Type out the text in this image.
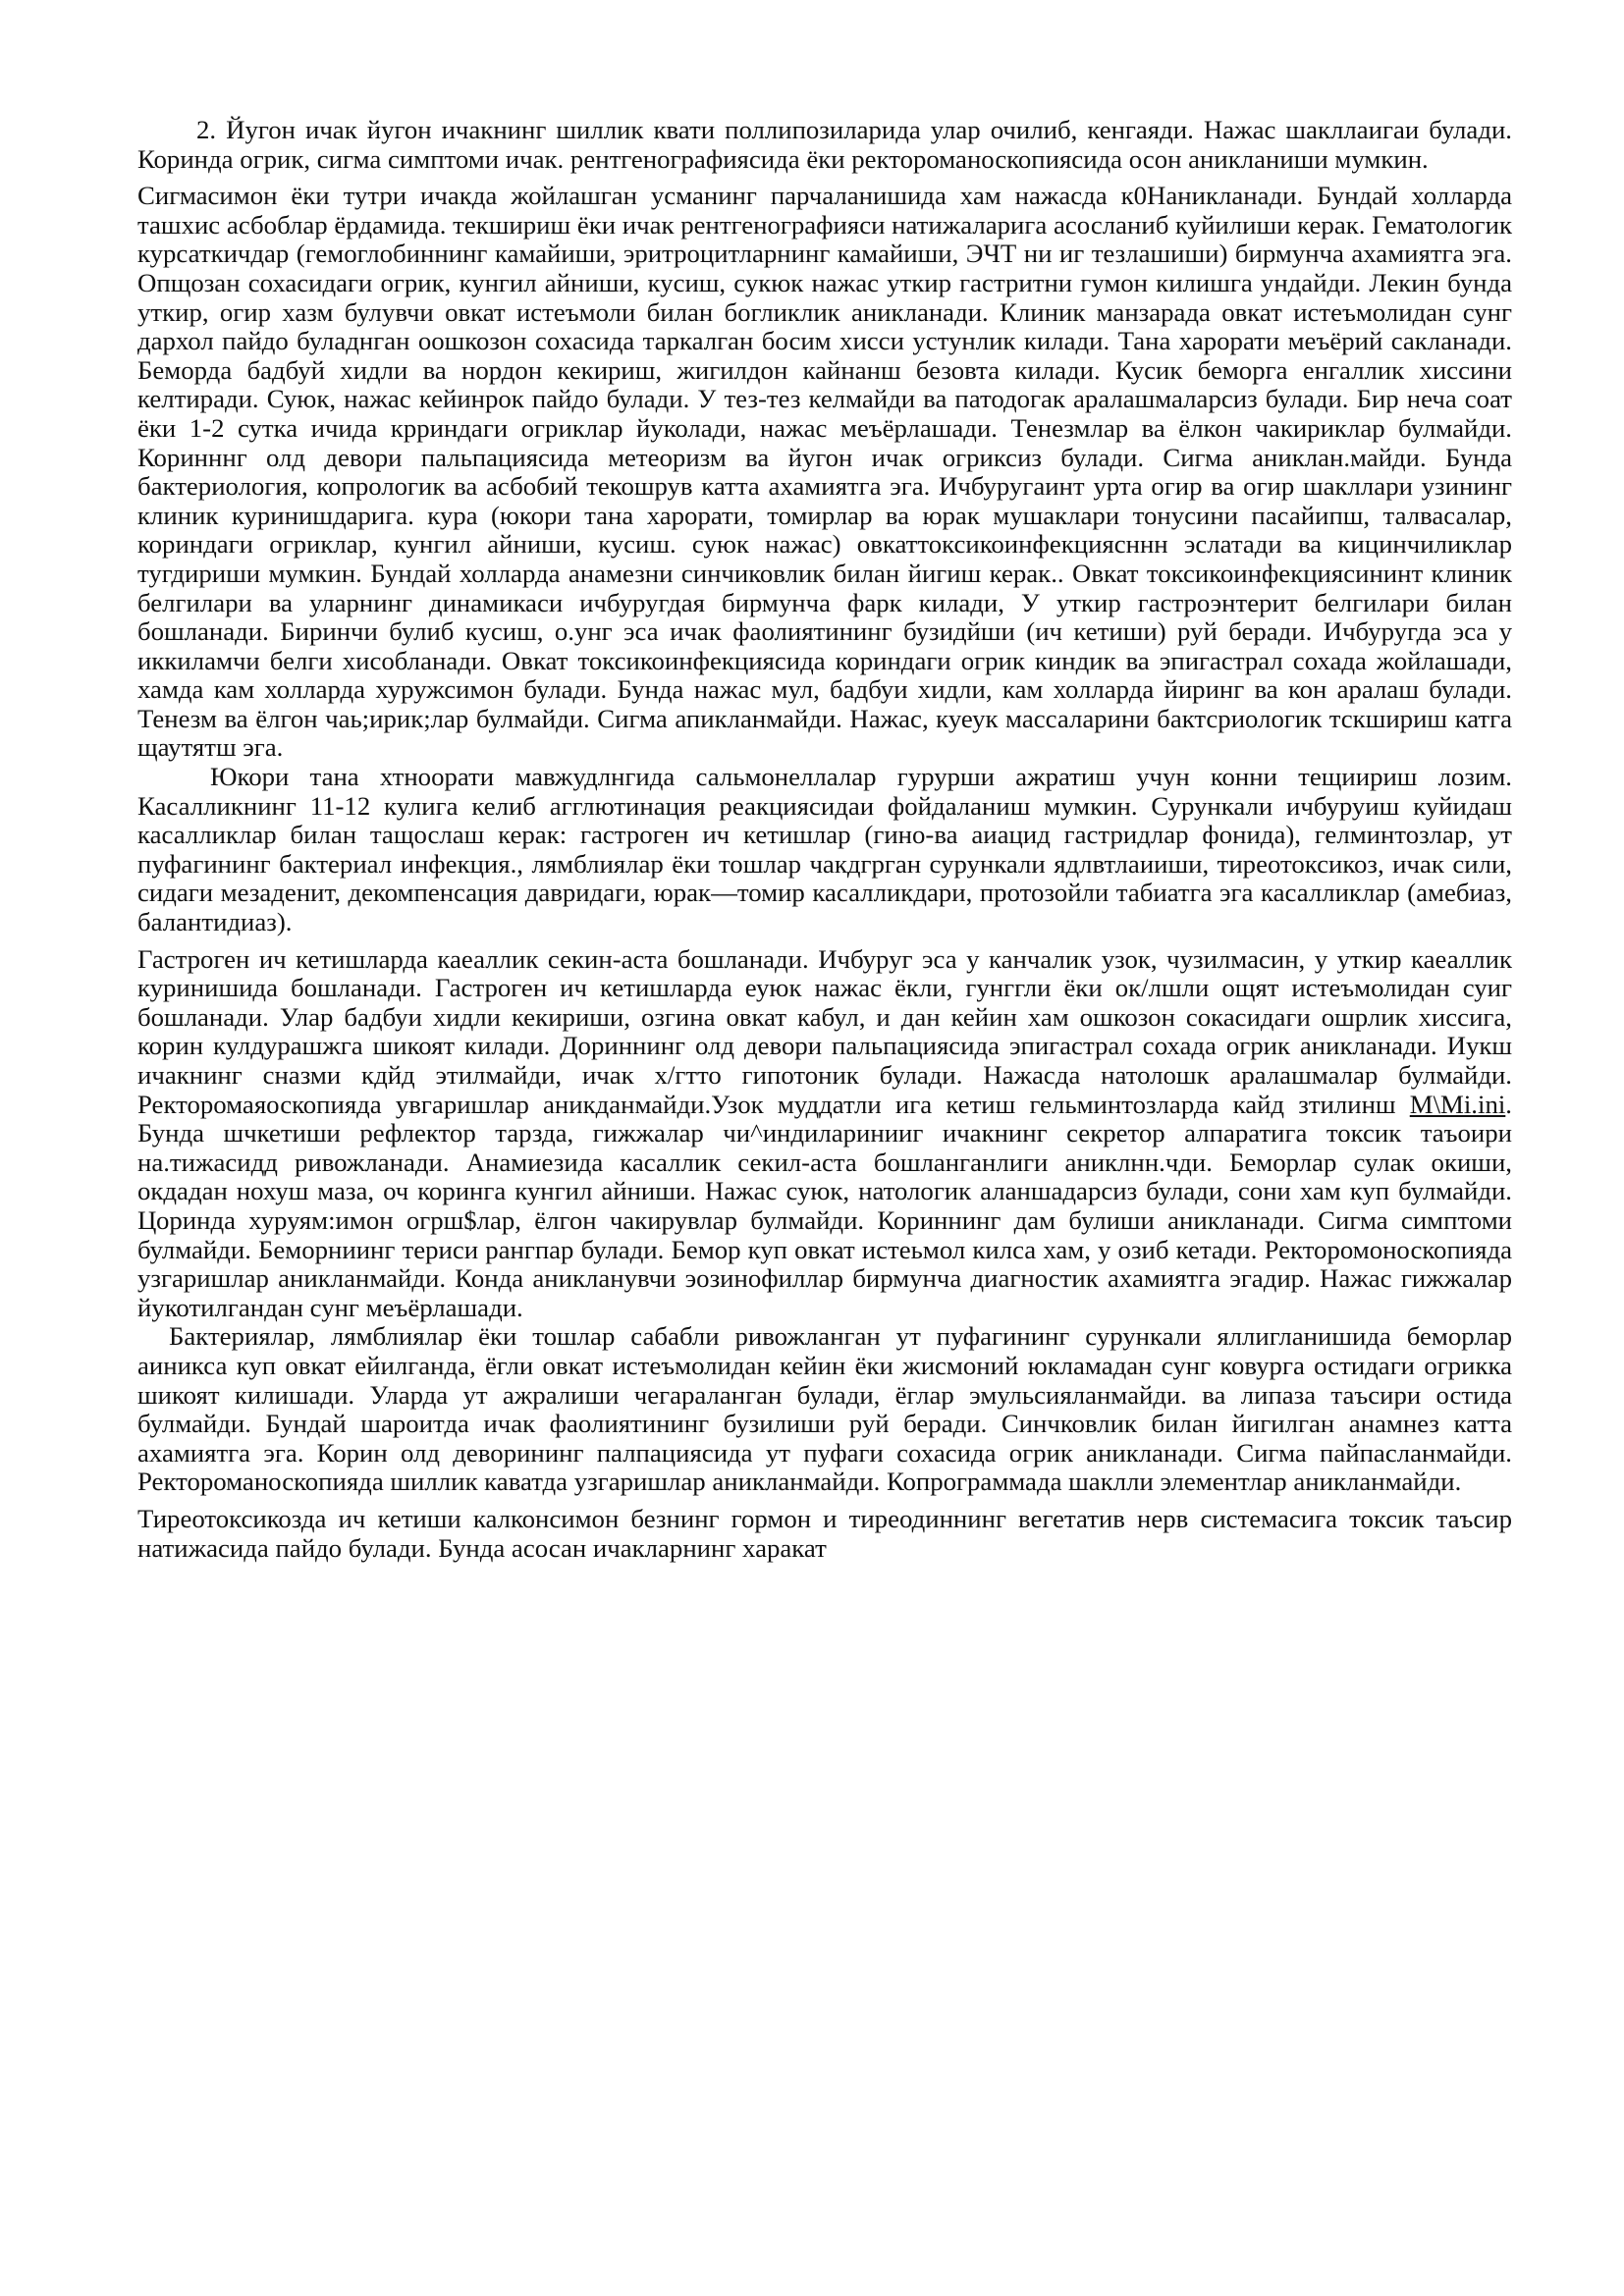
2. Йугон ичак йугон ичакнинг шиллик квати поллипозиларида улар очилиб, кенгаяди. Нажас шакллаигаи булади. Коринда огрик, сигма симптоми ичак. рентгенографиясида ёки ректороманоскопиясида осон аникланиши мумкин.

Сигмасимон ёки тутри ичакда жойлашган усманинг парчаланишида хам нажасда к0Наникланади. Бундай холларда ташхис асбоблар ёрдамида. текшириш ёки ичак рентгенографияси натижаларига асосланиб куйилиши керак. Гематологик курсаткичдар (гемоглобиннинг камайиши, эритроцитларнинг камайиши, ЭЧТ ни иг тезлашиши) бирмунча ахамиятга эга. Опщозан сохасидаги огрик, кунгил айниши, кусиш, сукюк нажас уткир гастритни гумон килишга ундайди. Лекин бунда уткир, огир хазм булувчи овкат истеъмоли билан богликлик аникланади. Клиник манзарада овкат истеъмолидан сунг дархол пайдо буладнган оошкозон сохасида таркалган босим хисси устунлик килади. Тана харорати меъёрий сакланади. Беморда бадбуй хидли ва нордон кекириш, жигилдон кайнанш безовта килади. Кусик беморга енгаллик хиссини келтиради. Суюк, нажас кейинрок пайдо булади. У тез-тез келмайди ва патодогак аралашмаларсиз булади. Бир неча соат ёки 1-2 сутка ичида крриндаги огриклар йуколади, нажас меъёрлашади. Тенезмлар ва ёлкон чакириклар булмайди. Коринннг олд девори пальпациясида метеоризм ва йугон ичак огриксиз булади. Сигма аниклан.майди. Бунда бактериология, копрологик ва асбобий текошрув катта ахамиятга эга. Ичбуругаинт урта огир ва огир шакллари узининг клиник куринишдарига. кура (юкори тана харорати, томирлар ва юрак мушаклари тонусини пасайипш, талвасалар, кориндаги огриклар, кунгил айниши, кусиш. суюк нажас) овкаттоксикоинфекциясннн эслатади ва кицинчиликлар тугдириши мумкин. Бундай холларда анамезни синчиковлик билан йигиш керак.. Овкат токсикоинфекциясининт клиник белгилари ва уларнинг динамикаси ичбуругдая бирмунча фарк килади, У уткир гастроэнтерит белгилари билан бошланади. Биринчи булиб кусиш, о.унг эса ичак фаолиятининг бузидйши (ич кетиши) руй беради. Ичбуругда эса у иккиламчи белги хисобланади. Овкат токсикоинфекциясида кориндаги огрик киндик ва эпигастрал сохада жойлашади, хамда кам холларда хуружсимон булади. Бунда нажас мул, бадбуи хидли, кам холларда йиринг ва кон аралаш булади. Тенезм ва ёлгон чаь;ирик;лар булмайди. Сигма апикланмайди. Нажас, куеук массаларини бактсриологик тскшириш катга щаутятш эга.

Юкори тана хтноорати мавжудлнгида сальмонеллалар гурурши ажратиш учун конни тещиириш лозим. Касалликнинг 11-12 кулига келиб агглютинация реакциясидаи фойдаланиш мумкин. Сурункали ичбуруиш куйидаш касалликлар билан тащослаш керак: гастроген ич кетишлар (гино-ва аиацид гастридлар фонида), гелминтозлар, ут пуфагининг бактериал инфекция., лямблиялар ёки тошлар чакдгрган сурункали ядлвтлаииши, тиреотоксикоз, ичак сили, сидаги мезаденит, декомпенсация давридаги, юрак—томир касалликдари, протозойли табиатга эга касалликлар (амебиаз, балантидиаз).

Гастроген ич кетишларда каеаллик секин-аста бошланади. Ичбуруг эса у канчалик узок, чузилмасин, у уткир каеаллик куринишида бошланади. Гастроген ич кетишларда еуюк нажас ёкли, гунггли ёки ок/лшли ощят истеъмолидан суиг бошланади. Улар бадбуи хидли кекириши, озгина овкат кабул, и дан кейин хам ошкозон сокасидаги ошрлик хиссига, корин кулдурашжга шикоят килади. Дориннинг олд девори пальпациясида эпигастрал сохада огрик аникланади. Иукш ичакнинг сназми кдйд этилмайди, ичак х/гтто гипотоник булади. Нажасда натолошк аралашмалар булмайди. Ректоромаяоскопияда увгаришлар аникданмайди.Узок муддатли ига кетиш гельминтозларда кайд зтилинш M\Mi.ini. Бунда шчкетиши рефлектор тарзда, гижжалар чи^индиларинииг ичакнинг секретор алпаратига токсик таъоири на.тижасидд ривожланади. Анамиезида касаллик секил-аста бошланганлиги аниклнн.чди. Беморлар сулак окиши, окдадан нохуш маза, оч коринга кунгил айниши. Нажас суюк, натологик аланшадарсиз булади, сони хам куп булмайди. Цоринда хуруям:имон огрш$лар, ёлгон чакирувлар булмайди. Кориннинг дам булиши аникланади. Сигма симптоми булмайди. Беморниинг териси рангпар булади. Бемор куп овкат истеьмол килса хам, у озиб кетади. Ректоромоноскопияда узгаришлар аникланмайди. Конда аникланувчи эозинофиллар бирмунча диагностик ахамиятга эгадир. Нажас гижжалар йукотилгандан сунг меъёрлашади.

Бактериялар, лямблиялар ёки тошлар сабабли ривожланган ут пуфагининг сурункали яллигланишида беморлар аиникса куп овкат ейилганда, ёгли овкат истеъмолидан кейин ёки жисмоний юкламадан сунг ковурга остидаги огрикка шикоят килишади. Уларда ут ажралиши чегараланган булади, ёглар эмульсияланмайди. ва липаза таъсири остида булмайди. Бундай шароитда ичак фаолиятининг бузилиши руй беради. Синчковлик билан йигилган анамнез катта ахамиятга эга. Корин олд деворининг палпациясида ут пуфаги сохасида огрик аникланади. Сигма пайпасланмайди. Ректороманоскопияда шиллик каватда узгаришлар аникланмайди. Копрограммада шаклли элементлар аникланмайди.

Тиреотоксикозда ич кетиши калконсимон безнинг гормон и тиреодиннинг вегетатив нерв системасига токсик таъсир натижасида пайдо булади. Бунда асосан ичакларнинг харакат
